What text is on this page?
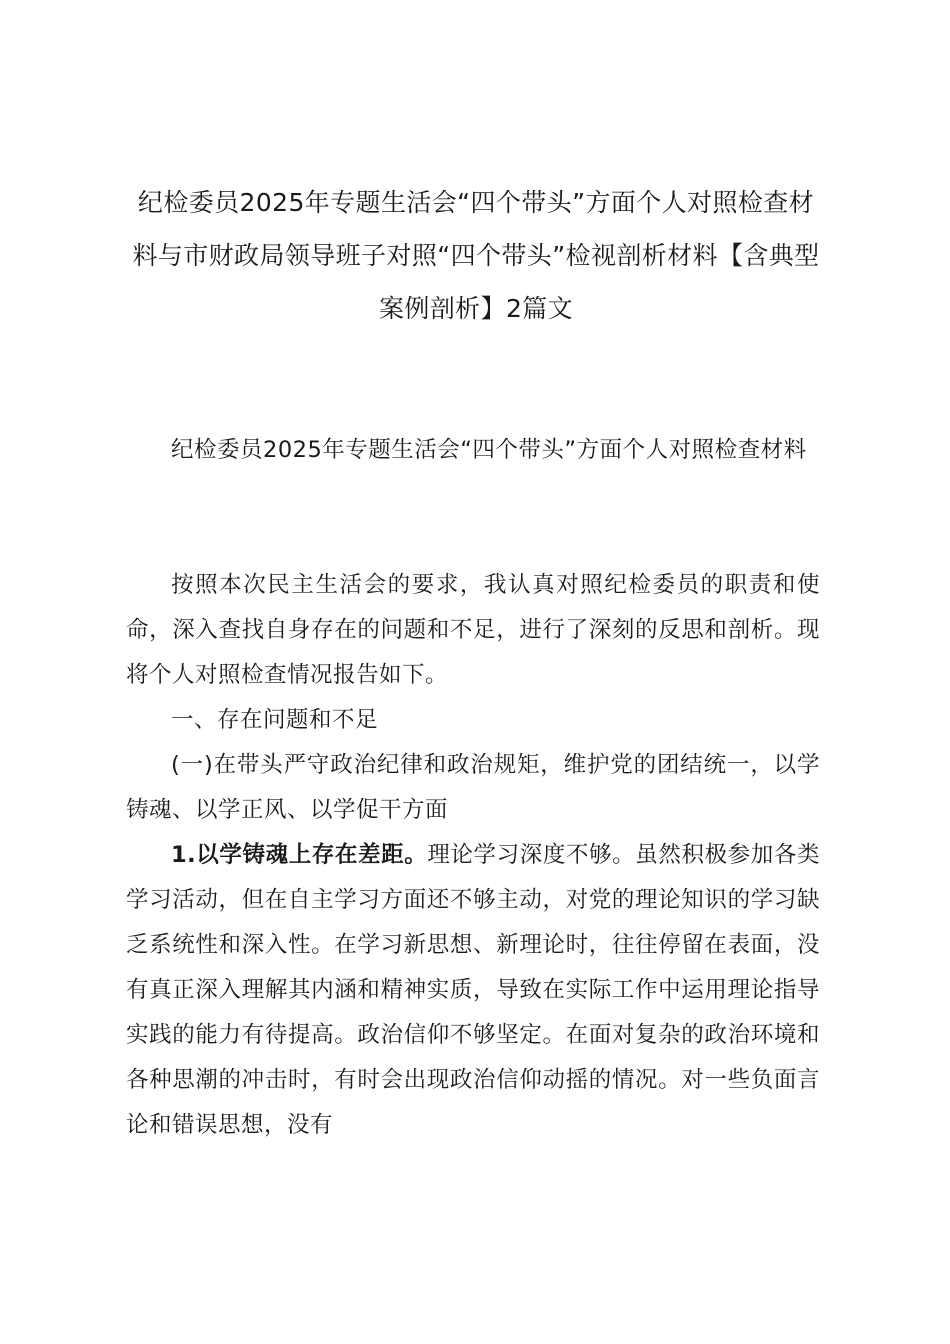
纪检委员2025年专题生活会“四个带头”方面个人对照检查材料与市财政局领导班子对照“四个带头”检视剖析材料【含典型案例剖析】2篇文

纪检委员2025年专题生活会“四个带头”方面个人对照检查材料

按照本次民主生活会的要求，我认真对照纪检委员的职责和使命，深入查找自身存在的问题和不足，进行了深刻的反思和剖析。现将个人对照检查情况报告如下。

一、存在问题和不足

(一)在带头严守政治纪律和政治规矩，维护党的团结统一，以学铸魂、以学正风、以学促干方面

1.以学铸魂上存在差距。理论学习深度不够。虽然积极参加各类学习活动，但在自主学习方面还不够主动，对党的理论知识的学习缺乏系统性和深入性。在学习新思想、新理论时，往往停留在表面，没有真正深入理解其内涵和精神实质，导致在实际工作中运用理论指导实践的能力有待提高。政治信仰不够坚定。在面对复杂的政治环境和各种思潮的冲击时，有时会出现政治信仰动摇的情况。对一些负面言论和错误思想，没有
